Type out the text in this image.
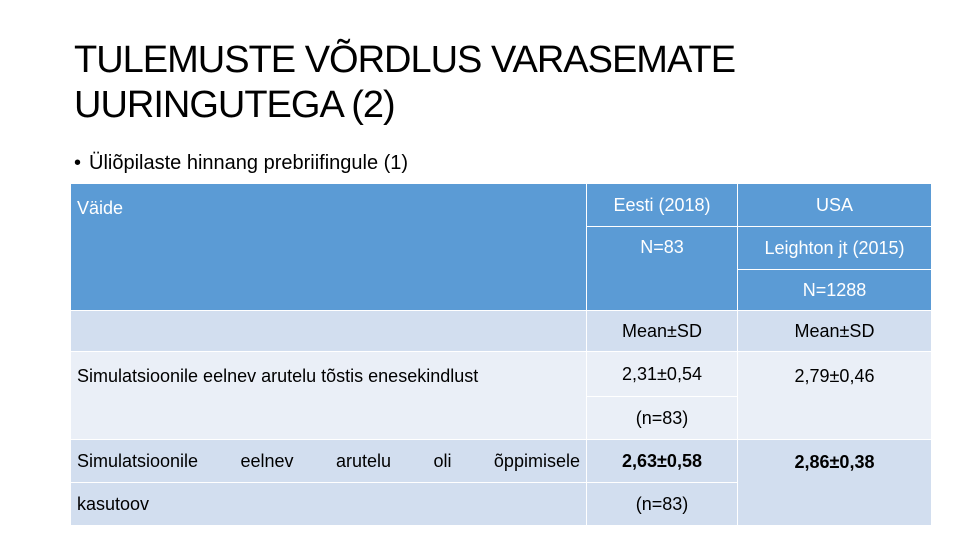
TULEMUSTE VÕRDLUS VARASEMATE UURINGUTEGA (2)
• Üliõpilaste hinnang prebriifingule (1)
Väide	Eesti (2018)	USA
	N=83	Leighton jt (2015)
		N=1288
	Mean±SD	Mean±SD
Simulatsioonile eelnev arutelu tõstis enesekindlust	2,31±0,54	2,79±0,46
	(n=83)	

Simulatsioonile eelnev arutelu oli õppimisele	2,63±0,58	2,86±0,38
kasutoov	(n=83)	
